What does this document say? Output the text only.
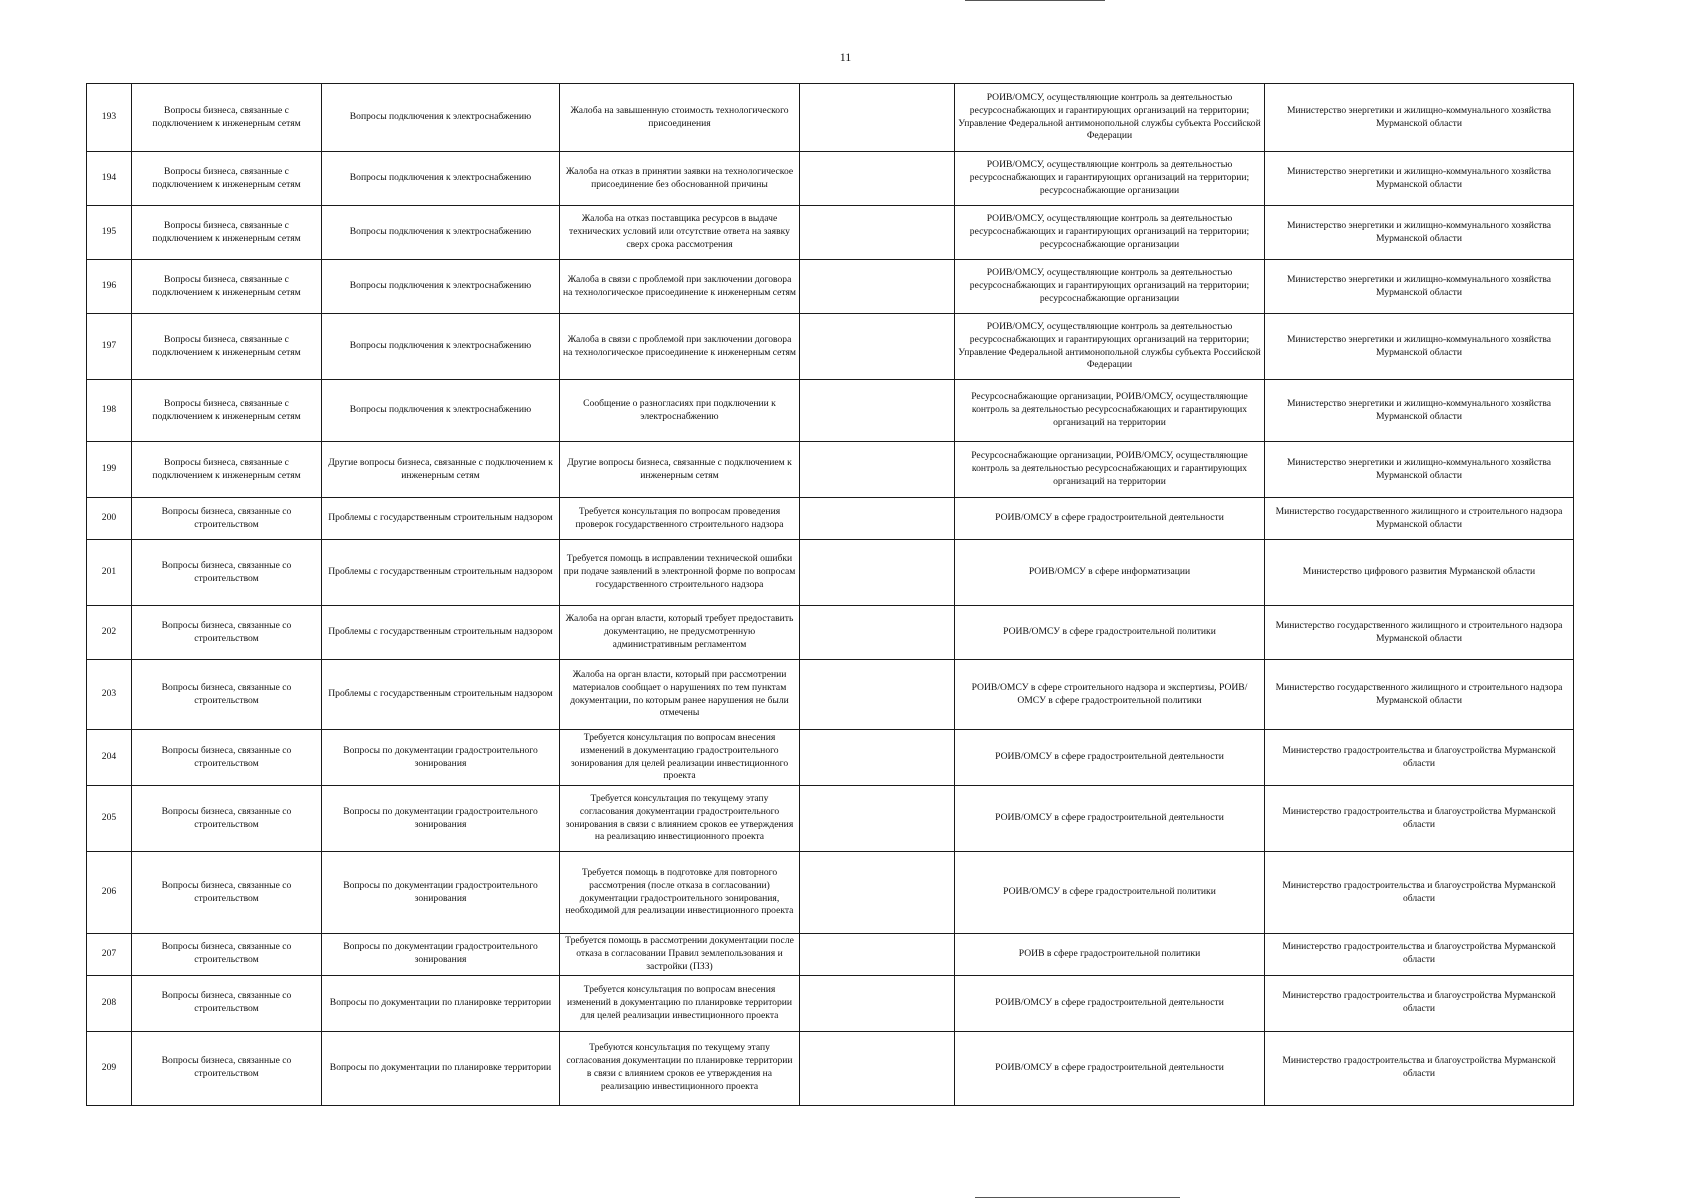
11
193	Вопросы бизнеса, связанные с подключением к инженерным сетям	Вопросы подключения к электроснабжению	Жалоба на завышенную стоимость технологического присоединения		РОИВ/ОМСУ, осуществляющие контроль за деятельностью ресурсоснабжающих и гарантирующих организаций на территории; Управление Федеральной антимонопольной службы субъекта Российской Федерации	Министерство энергетики и жилищно-коммунального хозяйства Мурманской области
194	Вопросы бизнеса, связанные с подключением к инженерным сетям	Вопросы подключения к электроснабжению	Жалоба на отказ в принятии заявки на технологическое присоединение без обоснованной причины		РОИВ/ОМСУ, осуществляющие контроль за деятельностью ресурсоснабжающих и гарантирующих организаций на территории; ресурсоснабжающие организации	Министерство энергетики и жилищно-коммунального хозяйства Мурманской области
195	Вопросы бизнеса, связанные с подключением к инженерным сетям	Вопросы подключения к электроснабжению	Жалоба на отказ поставщика ресурсов в выдаче технических условий или отсутствие ответа на заявку сверх срока рассмотрения		РОИВ/ОМСУ, осуществляющие контроль за деятельностью ресурсоснабжающих и гарантирующих организаций на территории; ресурсоснабжающие организации	Министерство энергетики и жилищно-коммунального хозяйства Мурманской области
196	Вопросы бизнеса, связанные с подключением к инженерным сетям	Вопросы подключения к электроснабжению	Жалоба в связи с проблемой при заключении договора на технологическое присоединение к инженерным сетям		РОИВ/ОМСУ, осуществляющие контроль за деятельностью ресурсоснабжающих и гарантирующих организаций на территории; ресурсоснабжающие организации	Министерство энергетики и жилищно-коммунального хозяйства Мурманской области
197	Вопросы бизнеса, связанные с подключением к инженерным сетям	Вопросы подключения к электроснабжению	Жалоба в связи с проблемой при заключении договора на технологическое присоединение к инженерным сетям		РОИВ/ОМСУ, осуществляющие контроль за деятельностью ресурсоснабжающих и гарантирующих организаций на территории; Управление Федеральной антимонопольной службы субъекта Российской Федерации	Министерство энергетики и жилищно-коммунального хозяйства Мурманской области
198	Вопросы бизнеса, связанные с подключением к инженерным сетям	Вопросы подключения к электроснабжению	Сообщение о разногласиях при подключении к электроснабжению		Ресурсоснабжающие организации, РОИВ/ОМСУ, осуществляющие контроль за деятельностью ресурсоснабжающих и гарантирующих организаций на территории	Министерство энергетики и жилищно-коммунального хозяйства Мурманской области
199	Вопросы бизнеса, связанные с подключением к инженерным сетям	Другие вопросы бизнеса, связанные с подключением к инженерным сетям	Другие вопросы бизнеса, связанные с подключением к инженерным сетям		Ресурсоснабжающие организации, РОИВ/ОМСУ, осуществляющие контроль за деятельностью ресурсоснабжающих и гарантирующих организаций на территории	Министерство энергетики и жилищно-коммунального хозяйства Мурманской области
200	Вопросы бизнеса, связанные со строительством	Проблемы с государственным строительным надзором	Требуется консультация по вопросам проведения проверок государственного строительного надзора		РОИВ/ОМСУ в сфере градостроительной деятельности	Министерство государственного жилищного и строительного надзора Мурманской области
201	Вопросы бизнеса, связанные со строительством	Проблемы с государственным строительным надзором	Требуется помощь в исправлении технической ошибки при подаче заявлений в электронной форме по вопросам государственного строительного надзора		РОИВ/ОМСУ в сфере информатизации	Министерство цифрового развития Мурманской области
202	Вопросы бизнеса, связанные со строительством	Проблемы с государственным строительным надзором	Жалоба на орган власти, который требует предоставить документацию, не предусмотренную административным регламентом		РОИВ/ОМСУ в сфере градостроительной политики	Министерство государственного жилищного и строительного надзора Мурманской области
203	Вопросы бизнеса, связанные со строительством	Проблемы с государственным строительным надзором	Жалоба на орган власти, который при рассмотрении материалов сообщает о нарушениях по тем пунктам документации, по которым ранее нарушения не были отмечены		РОИВ/ОМСУ в сфере строительного надзора и экспертизы, РОИВ/ОМСУ в сфере градостроительной политики	Министерство государственного жилищного и строительного надзора Мурманской области
204	Вопросы бизнеса, связанные со строительством	Вопросы по документации градостроительного зонирования	Требуется консультация по вопросам внесения изменений в документацию градостроительного зонирования для целей реализации инвестиционного проекта		РОИВ/ОМСУ в сфере градостроительной деятельности	Министерство градостроительства и благоустройства Мурманской области
205	Вопросы бизнеса, связанные со строительством	Вопросы по документации градостроительного зонирования	Требуется консультация по текущему этапу согласования документации градостроительного зонирования в связи с влиянием сроков ее утверждения на реализацию инвестиционного проекта		РОИВ/ОМСУ в сфере градостроительной деятельности	Министерство градостроительства и благоустройства Мурманской области
206	Вопросы бизнеса, связанные со строительством	Вопросы по документации градостроительного зонирования	Требуется помощь в подготовке для повторного рассмотрения (после отказа в согласовании) документации градостроительного зонирования, необходимой для реализации инвестиционного проекта		РОИВ/ОМСУ в сфере градостроительной политики	Министерство градостроительства и благоустройства Мурманской области
207	Вопросы бизнеса, связанные со строительством	Вопросы по документации градостроительного зонирования	Требуется помощь в рассмотрении документации после отказа в согласовании Правил землепользования и застройки (ПЗЗ)		РОИВ в сфере градостроительной политики	Министерство градостроительства и благоустройства Мурманской области
208	Вопросы бизнеса, связанные со строительством	Вопросы по документации по планировке территории	Требуется консультация по вопросам внесения изменений в документацию по планировке территории для целей реализации инвестиционного проекта		РОИВ/ОМСУ в сфере градостроительной деятельности	Министерство градостроительства и благоустройства Мурманской области
209	Вопросы бизнеса, связанные со строительством	Вопросы по документации по планировке территории	Требуются консультация по текущему этапу согласования документации по планировке территории в связи с влиянием сроков ее утверждения на реализацию инвестиционного проекта		РОИВ/ОМСУ в сфере градостроительной деятельности	Министерство градостроительства и благоустройства Мурманской области
